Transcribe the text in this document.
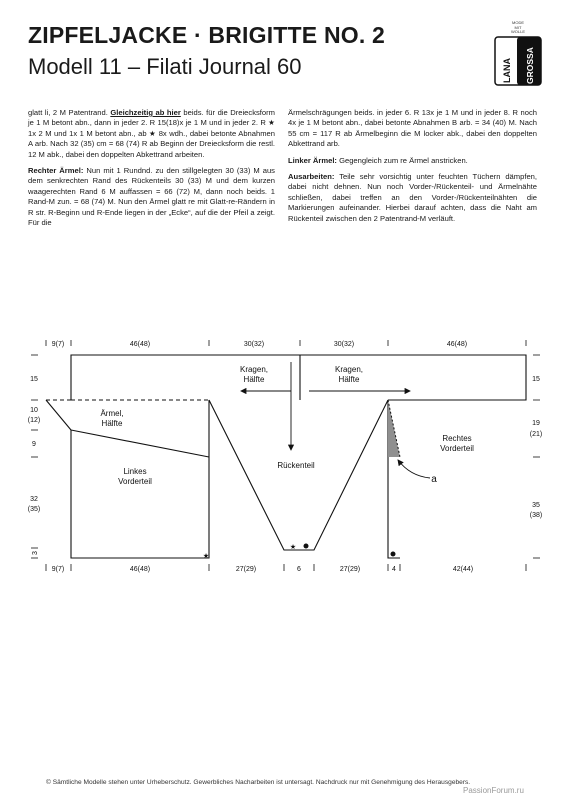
ZIPFELJACKE · BRIGITTE NO. 2
Modell 11 – Filati Journal 60
MODE
MIT
WOLLE
LANA GROSSA

glatt li, 2 M Patentrand. Gleichzeitig ab hier beids. für die Dreiecksform je 1 M betont abn., dann in jeder 2. R 15(18)x je 1 M und in jeder 2. R ★ 1x 2 M und 1x 1 M betont abn., ab ★ 8x wdh., dabei betonte Abnahmen A arb. Nach 32 (35) cm = 68 (74) R ab Beginn der Dreiecksform die restl. 12 M abk., dabei den doppelten Abkettrand arbeiten.

Rechter Ärmel: Nun mit 1 Rundnd. zu den stillgelegten 30 (33) M aus dem senkrechten Rand des Rückenteils 30 (33) M und dem kurzen waagerechten Rand 6 M auffassen = 66 (72) M, dann noch beids. 1 Rand-M zun. = 68 (74) M. Nun den Ärmel glatt re mit Glatt-re-Rändern in R str. R-Beginn und R-Ende liegen in der „Ecke“, auf die der Pfeil a zeigt. Für die

Ärmelschrägungen beids. in jeder 6. R 13x je 1 M und in jeder 8. R noch 4x je 1 M betont abn., dabei betonte Abnahmen B arb. = 34 (40) M. Nach 55 cm = 117 R ab Ärmelbeginn die M locker abk., dabei den doppelten Abkettrand arb.

Linker Ärmel: Gegengleich zum re Ärmel anstricken.

Ausarbeiten: Teile sehr vorsichtig unter feuchten Tüchern dämpfen, dabei nicht dehnen. Nun noch Vorder-/Rückenteil- und Ärmelnähte schließen, dabei treffen an den Vorder-/Rückenteilnähten die Markierungen aufeinander. Hierbei darauf achten, dass die Naht am Rückenteil zwischen den 2 Patentrand-M verläuft.

9(7)	46(48)	30(32)	30(32)	46(48)
15
10
(12)
9
32
(35)
3
15
19
(21)
35
(38)
Kragen,
Hälfte
Kragen,
Hälfte
Ärmel,
Hälfte
Linkes
Vorderteil
Rückenteil
Rechtes
Vorderteil
a
★
★
9(7)	46(48)	27(29)	6	27(29)	4	42(44)
© Sämtliche Modelle stehen unter Urheberschutz. Gewerbliches Nacharbeiten ist untersagt. Nachdruck nur mit Genehmigung des Herausgebers.
PassionForum.ru
